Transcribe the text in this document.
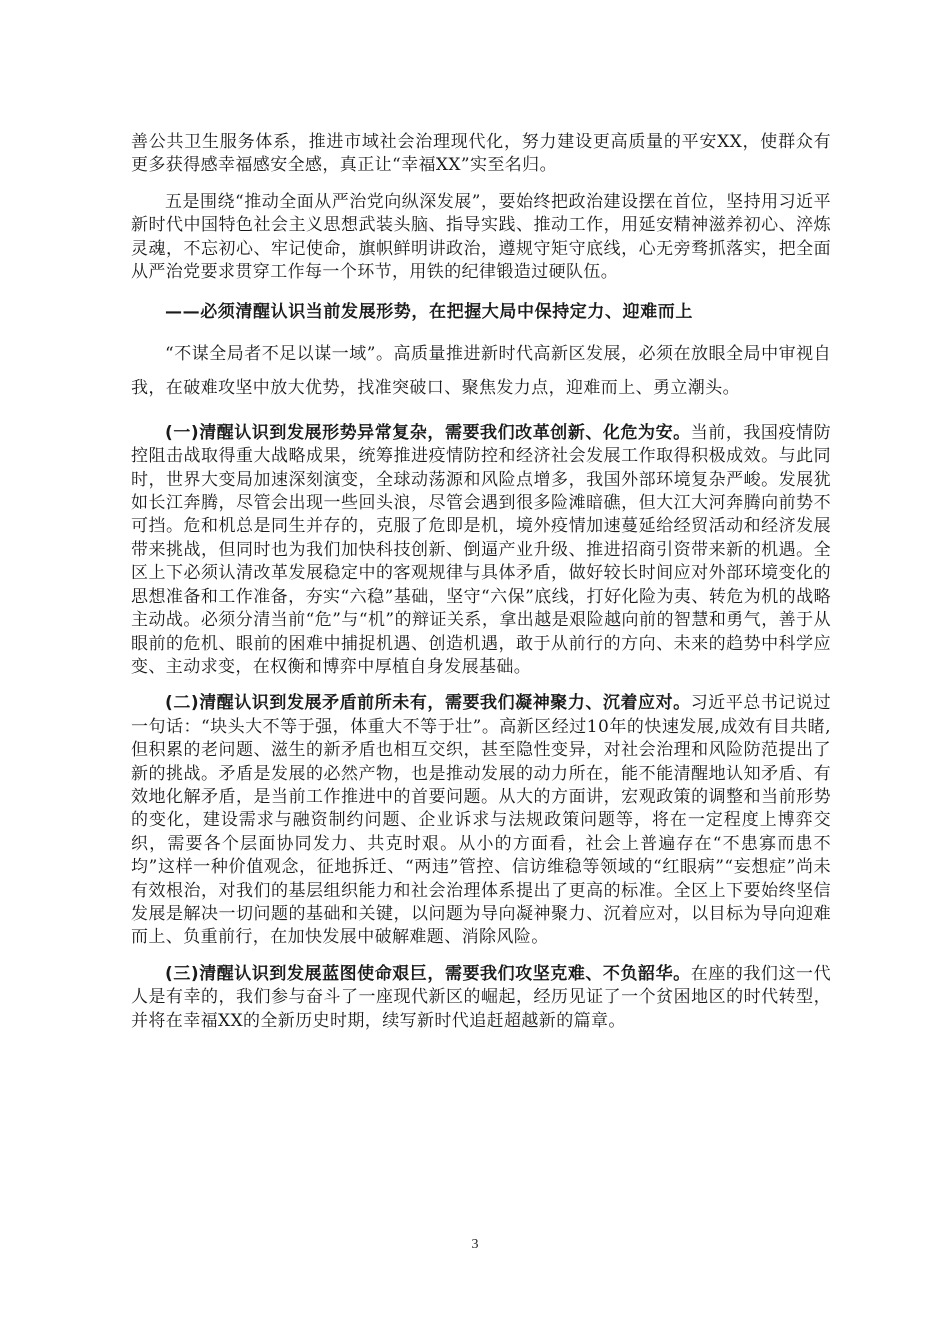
善公共卫生服务体系，推进市域社会治理现代化，努力建设更高质量的平安XX，使群众有更多获得感幸福感安全感，真正让“幸福XX”实至名归。

五是围绕“推动全面从严治党向纵深发展”，要始终把政治建设摆在首位，坚持用习近平新时代中国特色社会主义思想武装头脑、指导实践、推动工作，用延安精神滋养初心、淬炼灵魂，不忘初心、牢记使命，旗帜鲜明讲政治，遵规守矩守底线，心无旁骛抓落实，把全面从严治党要求贯穿工作每一个环节，用铁的纪律锻造过硬队伍。

——必须清醒认识当前发展形势，在把握大局中保持定力、迎难而上

“不谋全局者不足以谋一域”。高质量推进新时代高新区发展，必须在放眼全局中审视自我，在破难攻坚中放大优势，找准突破口、聚焦发力点，迎难而上、勇立潮头。

(一)清醒认识到发展形势异常复杂，需要我们改革创新、化危为安。当前，我国疫情防控阻击战取得重大战略成果，统筹推进疫情防控和经济社会发展工作取得积极成效。与此同时，世界大变局加速深刻演变，全球动荡源和风险点增多，我国外部环境复杂严峻。发展犹如长江奔腾，尽管会出现一些回头浪，尽管会遇到很多险滩暗礁，但大江大河奔腾向前势不可挡。危和机总是同生并存的，克服了危即是机，境外疫情加速蔓延给经贸活动和经济发展带来挑战，但同时也为我们加快科技创新、倒逼产业升级、推进招商引资带来新的机遇。全区上下必须认清改革发展稳定中的客观规律与具体矛盾，做好较长时间应对外部环境变化的思想准备和工作准备，夯实“六稳”基础，坚守“六保”底线，打好化险为夷、转危为机的战略主动战。必须分清当前“危”与“机”的辩证关系，拿出越是艰险越向前的智慧和勇气，善于从眼前的危机、眼前的困难中捕捉机遇、创造机遇，敢于从前行的方向、未来的趋势中科学应变、主动求变，在权衡和博弈中厚植自身发展基础。

(二)清醒认识到发展矛盾前所未有，需要我们凝神聚力、沉着应对。习近平总书记说过一句话：“块头大不等于强，体重大不等于壮”。高新区经过10年的快速发展,成效有目共睹,但积累的老问题、滋生的新矛盾也相互交织，甚至隐性变异，对社会治理和风险防范提出了新的挑战。矛盾是发展的必然产物，也是推动发展的动力所在，能不能清醒地认知矛盾、有效地化解矛盾，是当前工作推进中的首要问题。从大的方面讲，宏观政策的调整和当前形势的变化，建设需求与融资制约问题、企业诉求与法规政策问题等，将在一定程度上博弈交织，需要各个层面协同发力、共克时艰。从小的方面看，社会上普遍存在“不患寡而患不均”这样一种价值观念，征地拆迁、“两违”管控、信访维稳等领域的“红眼病”“妄想症”尚未有效根治，对我们的基层组织能力和社会治理体系提出了更高的标准。全区上下要始终坚信发展是解决一切问题的基础和关键，以问题为导向凝神聚力、沉着应对，以目标为导向迎难而上、负重前行，在加快发展中破解难题、消除风险。

(三)清醒认识到发展蓝图使命艰巨，需要我们攻坚克难、不负韶华。在座的我们这一代人是有幸的，我们参与奋斗了一座现代新区的崛起，经历见证了一个贫困地区的时代转型，并将在幸福XX的全新历史时期，续写新时代追赶超越新的篇章。

3
